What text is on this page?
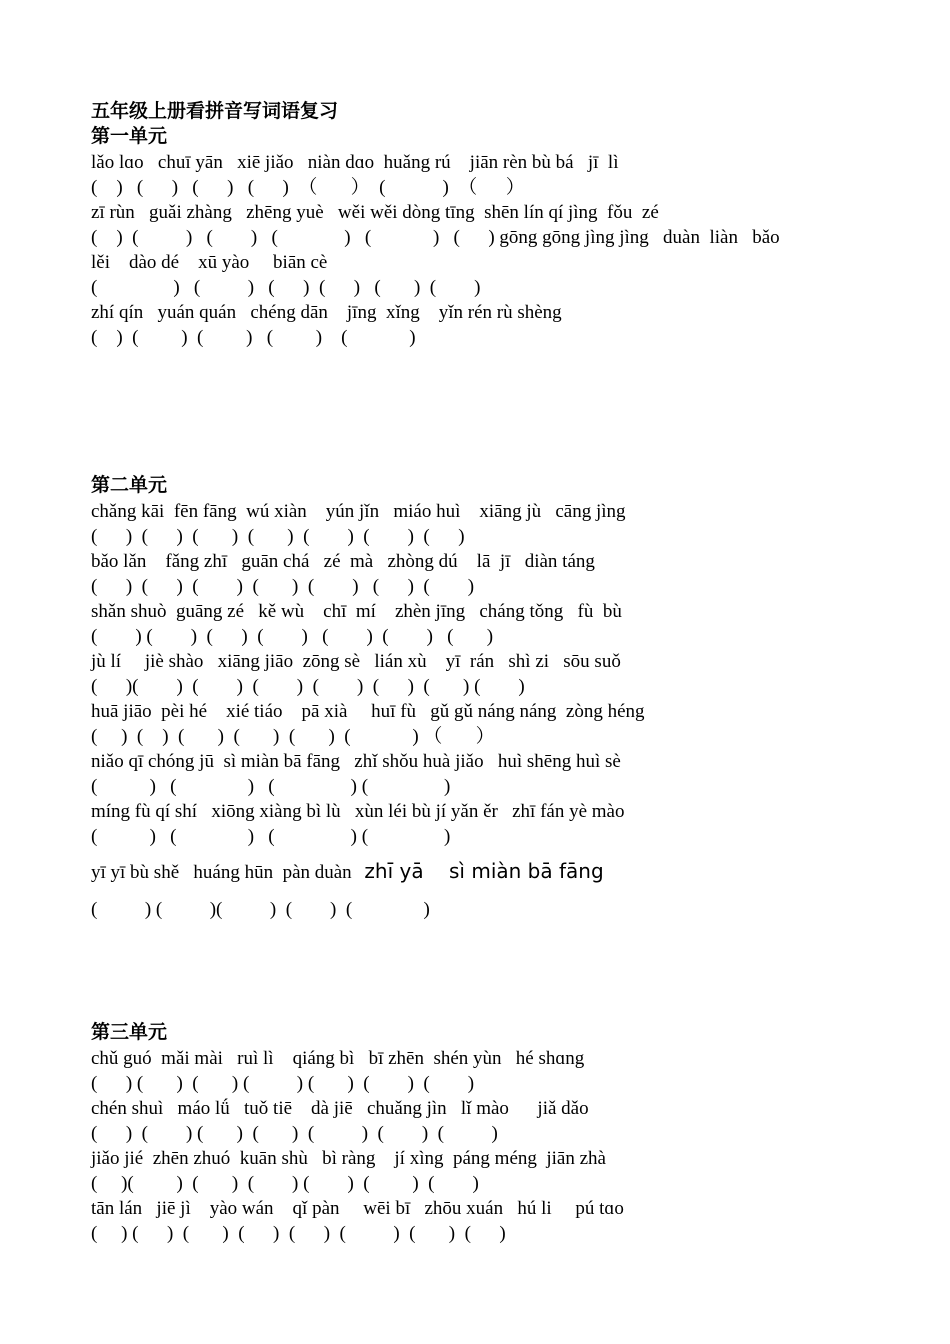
五年级上册看拼音写词语复习
第一单元
lǎo lɑo   chuī yān   xiē jiǎo   niàn dɑo  huǎng rú    jiān rèn bù bá   jī  lì
(    )   (      )   (      )   (      )  （       ）  (            )  （      ）
zī rùn   guǎi zhàng   zhēng yuè   wěi wěi dòng tīng  shēn lín qí jìng  fǒu  zé
(    )  (          )   (        )   (              )   (             )   (      ) gōng gōng jìng jìng   duàn  liàn   bǎo
lěi    dào dé    xū yào     biān cè
(                )   (          )   (      )  (      )   (       )  (        )
zhí qín   yuán quán   chéng dān    jīng  xǐng    yǐn rén rù shèng
(    )  (         )  (         )   (         )    (             )
第二单元
chǎng kāi  fēn fāng  wú xiàn    yún jǐn   miáo huì    xiāng jù   cāng jìng
(      )  (      )  (       )  (       )  (        )  (        )  (      )
bǎo lǎn    fǎng zhī   guān chá   zé  mà   zhòng dú    lā  jī   diàn táng
(      )  (      )  (        )  (       )  (        )   (      )  (        )
shǎn shuò  guāng zé   kě wù    chī  mí    zhèn jīng   cháng tǒng   fù  bù
(        ) (        )  (      )  (        )   (        )  (        )   (       )
jù lí     jiè shào   xiāng jiāo  zōng sè   lián xù    yī  rán   shì zi   sōu suǒ
(      )(        )  (        )  (        )  (        )  (      )  (       ) (        )
huā jiāo  pèi hé    xié tiáo    pā xià     huī fù   gǔ gǔ náng náng  zòng héng
(     )  (    )  (       )  (       )  (       )  (             ) （       ）
niǎo qī chóng jū  sì miàn bā fāng   zhǐ shǒu huà jiǎo   huì shēng huì sè
(           )   (               )   (                ) (                )
míng fù qí shí   xiōng xiàng bì lù   xùn léi bù jí yǎn ěr   zhī fán yè mào
(           )   (               )   (                ) (                )
yī yī bù shě   huáng hūn  pàn duàn  zhī yā    sì miàn bā fāng
(          ) (          )(          )  (        )  (               )
第三单元
chǔ guó  mǎi mài   ruì lì    qiáng bì   bī zhēn  shén yùn   hé shɑng
(      ) (       )  (       ) (          ) (       )  (        )  (        )
chén shuì   máo lǘ   tuǒ tiē    dà jiē   chuǎng jìn   lǐ mào      jiǎ dǎo
(      )  (        ) (       )  (       )  (          )  (        )  (          )
jiǎo jié  zhēn zhuó  kuān shù   bì ràng    jí xìng  páng méng  jiān zhà
(     )(         )  (       )  (        ) (        )  (         )  (        )
tān lán   jiē jì    yào wán    qǐ pàn     wēi bī   zhōu xuán   hú li     pú tɑo
(     ) (      )  (       )  (      )  (      )  (          )  (       )  (      )
